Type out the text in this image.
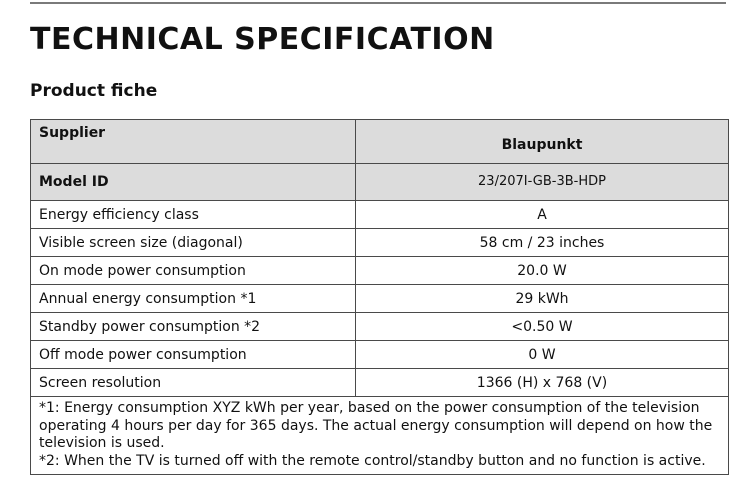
TECHNICAL SPECIFICATION
Product fiche
Supplier	Blaupunkt
Model ID	23/207I-GB-3B-HDP
Energy efficiency class	A
Visible screen size (diagonal)	58 cm / 23 inches
On mode power consumption	20.0 W
Annual energy consumption *1	29 kWh
Standby power consumption *2	<0.50 W
Off mode power consumption	0 W
Screen resolution	1366 (H) x 768 (V)

*1: Energy consumption XYZ kWh per year, based on the power consumption of the television operating 4 hours per day for 365 days. The actual energy consumption will depend on how the television is used.
*2: When the TV is turned off with the remote control/standby button and no function is active.	
